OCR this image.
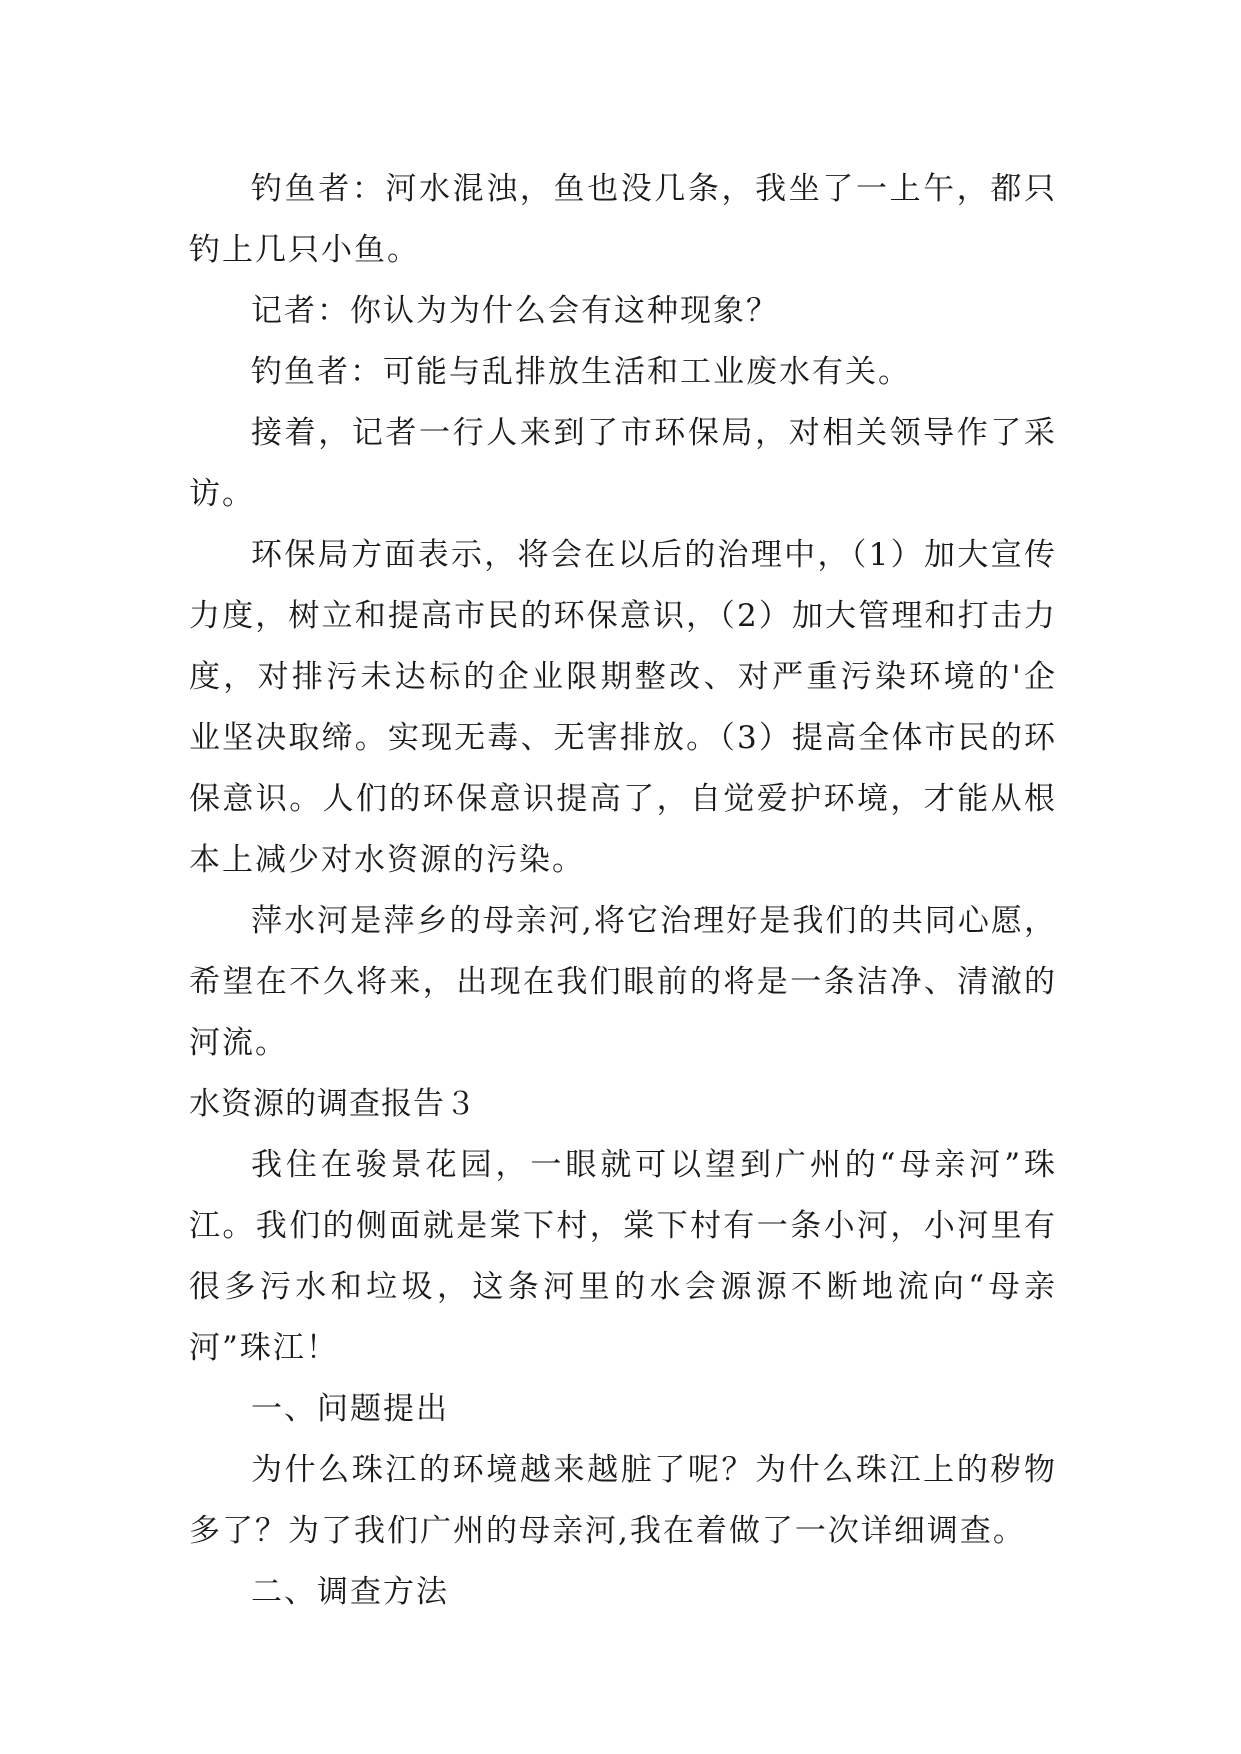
钓鱼者：河水混浊，鱼也没几条，我坐了一上午，都只钓上几只小鱼。

记者：你认为为什么会有这种现象？

钓鱼者：可能与乱排放生活和工业废水有关。

接着，记者一行人来到了市环保局，对相关领导作了采访。

环保局方面表示，将会在以后的治理中，（1）加大宣传力度，树立和提高市民的环保意识，（2）加大管理和打击力度，对排污未达标的企业限期整改、对严重污染环境的'企业坚决取缔。实现无毒、无害排放。（3）提高全体市民的环保意识。人们的环保意识提高了，自觉爱护环境，才能从根本上减少对水资源的污染。

萍水河是萍乡的母亲河,将它治理好是我们的共同心愿，希望在不久将来，出现在我们眼前的将是一条洁净、清澈的河流。

水资源的调查报告３

我住在骏景花园，一眼就可以望到广州的“母亲河”珠江。我们的侧面就是棠下村，棠下村有一条小河，小河里有很多污水和垃圾，这条河里的水会源源不断地流向“母亲河”珠江！

一、问题提出

为什么珠江的环境越来越脏了呢？为什么珠江上的秽物多了？为了我们广州的母亲河,我在着做了一次详细调查。

二、调查方法
